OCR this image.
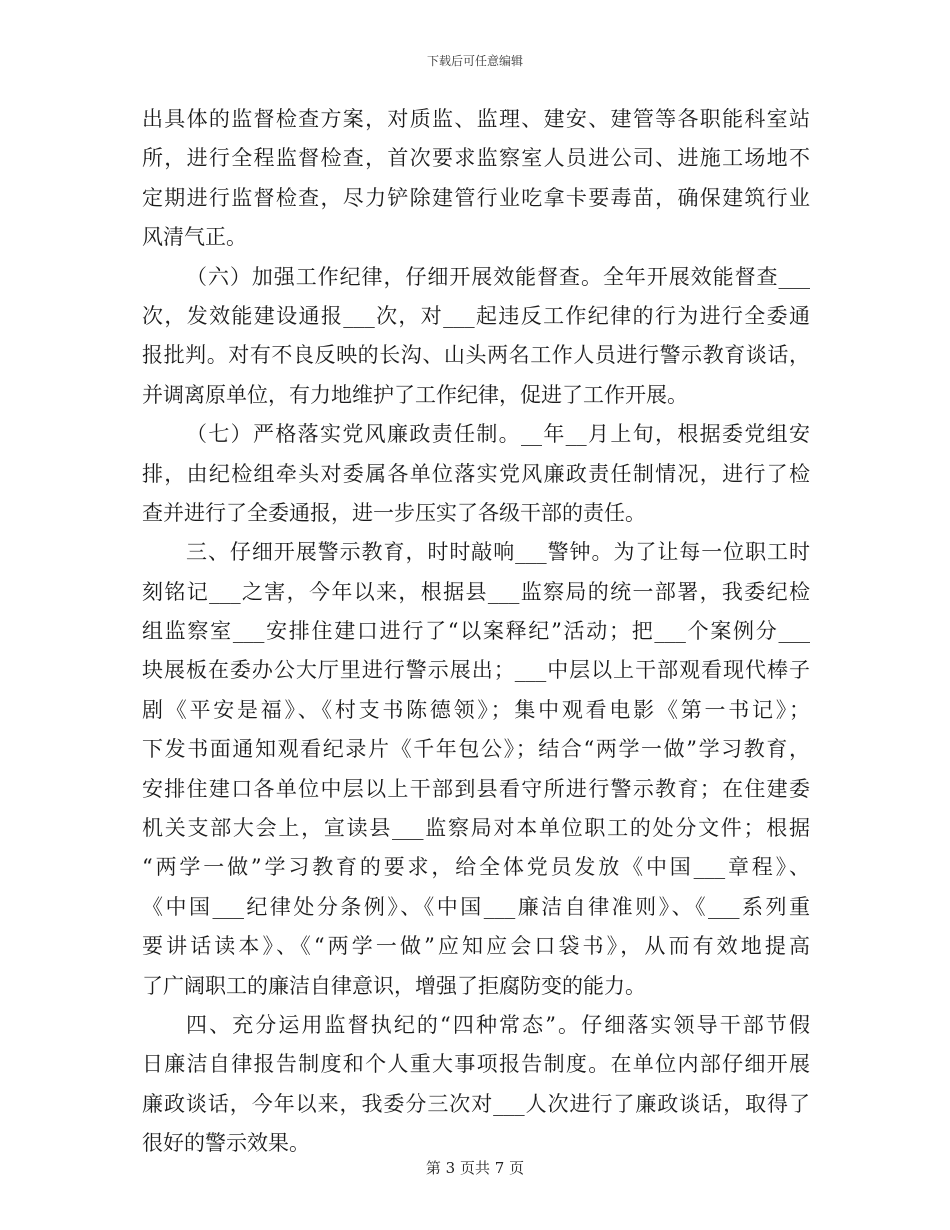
下载后可任意编辑
出具体的监督检查方案，对质监、监理、建安、建管等各职能科室站
所，进行全程监督检查，首次要求监察室人员进公司、进施工场地不
定期进行监督检查，尽力铲除建管行业吃拿卡要毒苗，确保建筑行业
风清气正。
（六）加强工作纪律，仔细开展效能督查。全年开展效能督查___
次，发效能建设通报___次，对___起违反工作纪律的行为进行全委通
报批判。对有不良反映的长沟、山头两名工作人员进行警示教育谈话，
并调离原单位，有力地维护了工作纪律，促进了工作开展。
（七）严格落实党风廉政责任制。__年__月上旬，根据委党组安
排，由纪检组牵头对委属各单位落实党风廉政责任制情况，进行了检
查并进行了全委通报，进一步压实了各级干部的责任。
三、仔细开展警示教育，时时敲响___警钟。为了让每一位职工时
刻铭记___之害，今年以来，根据县___监察局的统一部署，我委纪检
组监察室___安排住建口进行了“以案释纪”活动；把___个案例分___
块展板在委办公大厅里进行警示展出；___中层以上干部观看现代棒子
剧《平安是福》、《村支书陈德领》；集中观看电影《第一书记》；
下发书面通知观看纪录片《千年包公》；结合“两学一做”学习教育，
安排住建口各单位中层以上干部到县看守所进行警示教育；在住建委
机关支部大会上，宣读县___监察局对本单位职工的处分文件；根据
“两学一做”学习教育的要求，给全体党员发放《中国___章程》、
《中国___纪律处分条例》、《中国___廉洁自律准则》、《___系列重
要讲话读本》、《“两学一做”应知应会口袋书》，从而有效地提高
了广阔职工的廉洁自律意识，增强了拒腐防变的能力。
四、充分运用监督执纪的“四种常态”。仔细落实领导干部节假
日廉洁自律报告制度和个人重大事项报告制度。在单位内部仔细开展
廉政谈话，今年以来，我委分三次对___人次进行了廉政谈话，取得了
很好的警示效果。
第 3 页共 7 页
